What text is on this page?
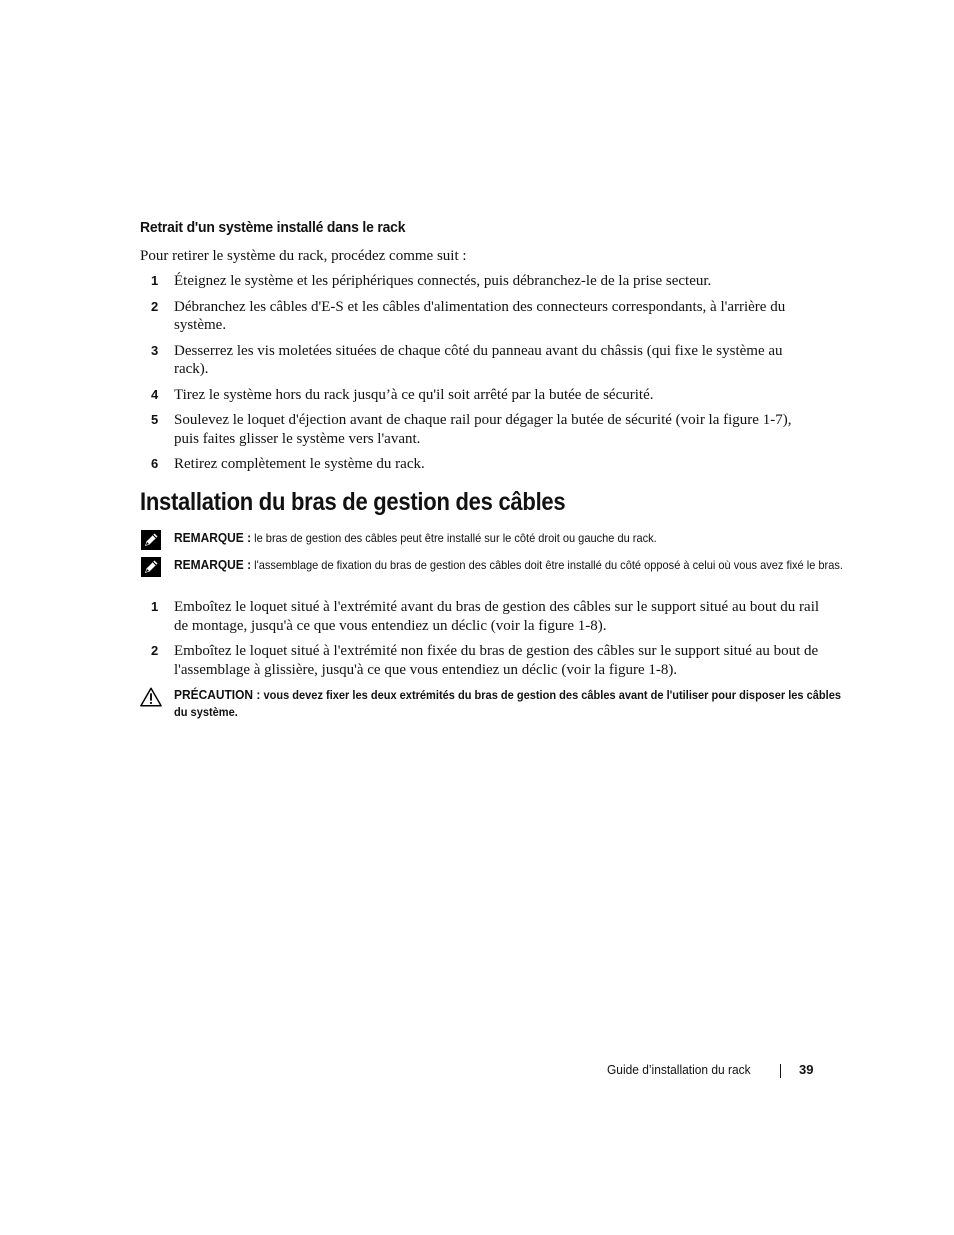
Retrait d'un système installé dans le rack
Pour retirer le système du rack, procédez comme suit :
1 Éteignez le système et les périphériques connectés, puis débranchez-le de la prise secteur.
2 Débranchez les câbles d'E-S et les câbles d'alimentation des connecteurs correspondants, à l'arrière du système.
3 Desserrez les vis moletées situées de chaque côté du panneau avant du châssis (qui fixe le système au rack).
4 Tirez le système hors du rack jusqu’à ce qu'il soit arrêté par la butée de sécurité.
5 Soulevez le loquet d'éjection avant de chaque rail pour dégager la butée de sécurité (voir la figure 1-7), puis faites glisser le système vers l'avant.
6 Retirez complètement le système du rack.
Installation du bras de gestion des câbles
REMARQUE : le bras de gestion des câbles peut être installé sur le côté droit ou gauche du rack.
REMARQUE : l'assemblage de fixation du bras de gestion des câbles doit être installé du côté opposé à celui où vous avez fixé le bras.
1 Emboîtez le loquet situé à l'extrémité avant du bras de gestion des câbles sur le support situé au bout du rail de montage, jusqu'à ce que vous entendiez un déclic (voir la figure 1-8).
2 Emboîtez le loquet situé à l'extrémité non fixée du bras de gestion des câbles sur le support situé au bout de l'assemblage à glissière, jusqu'à ce que vous entendiez un déclic (voir la figure 1-8).
PRÉCAUTION : vous devez fixer les deux extrémités du bras de gestion des câbles avant de l'utiliser pour disposer les câbles du système.
Guide d’installation du rack	39
